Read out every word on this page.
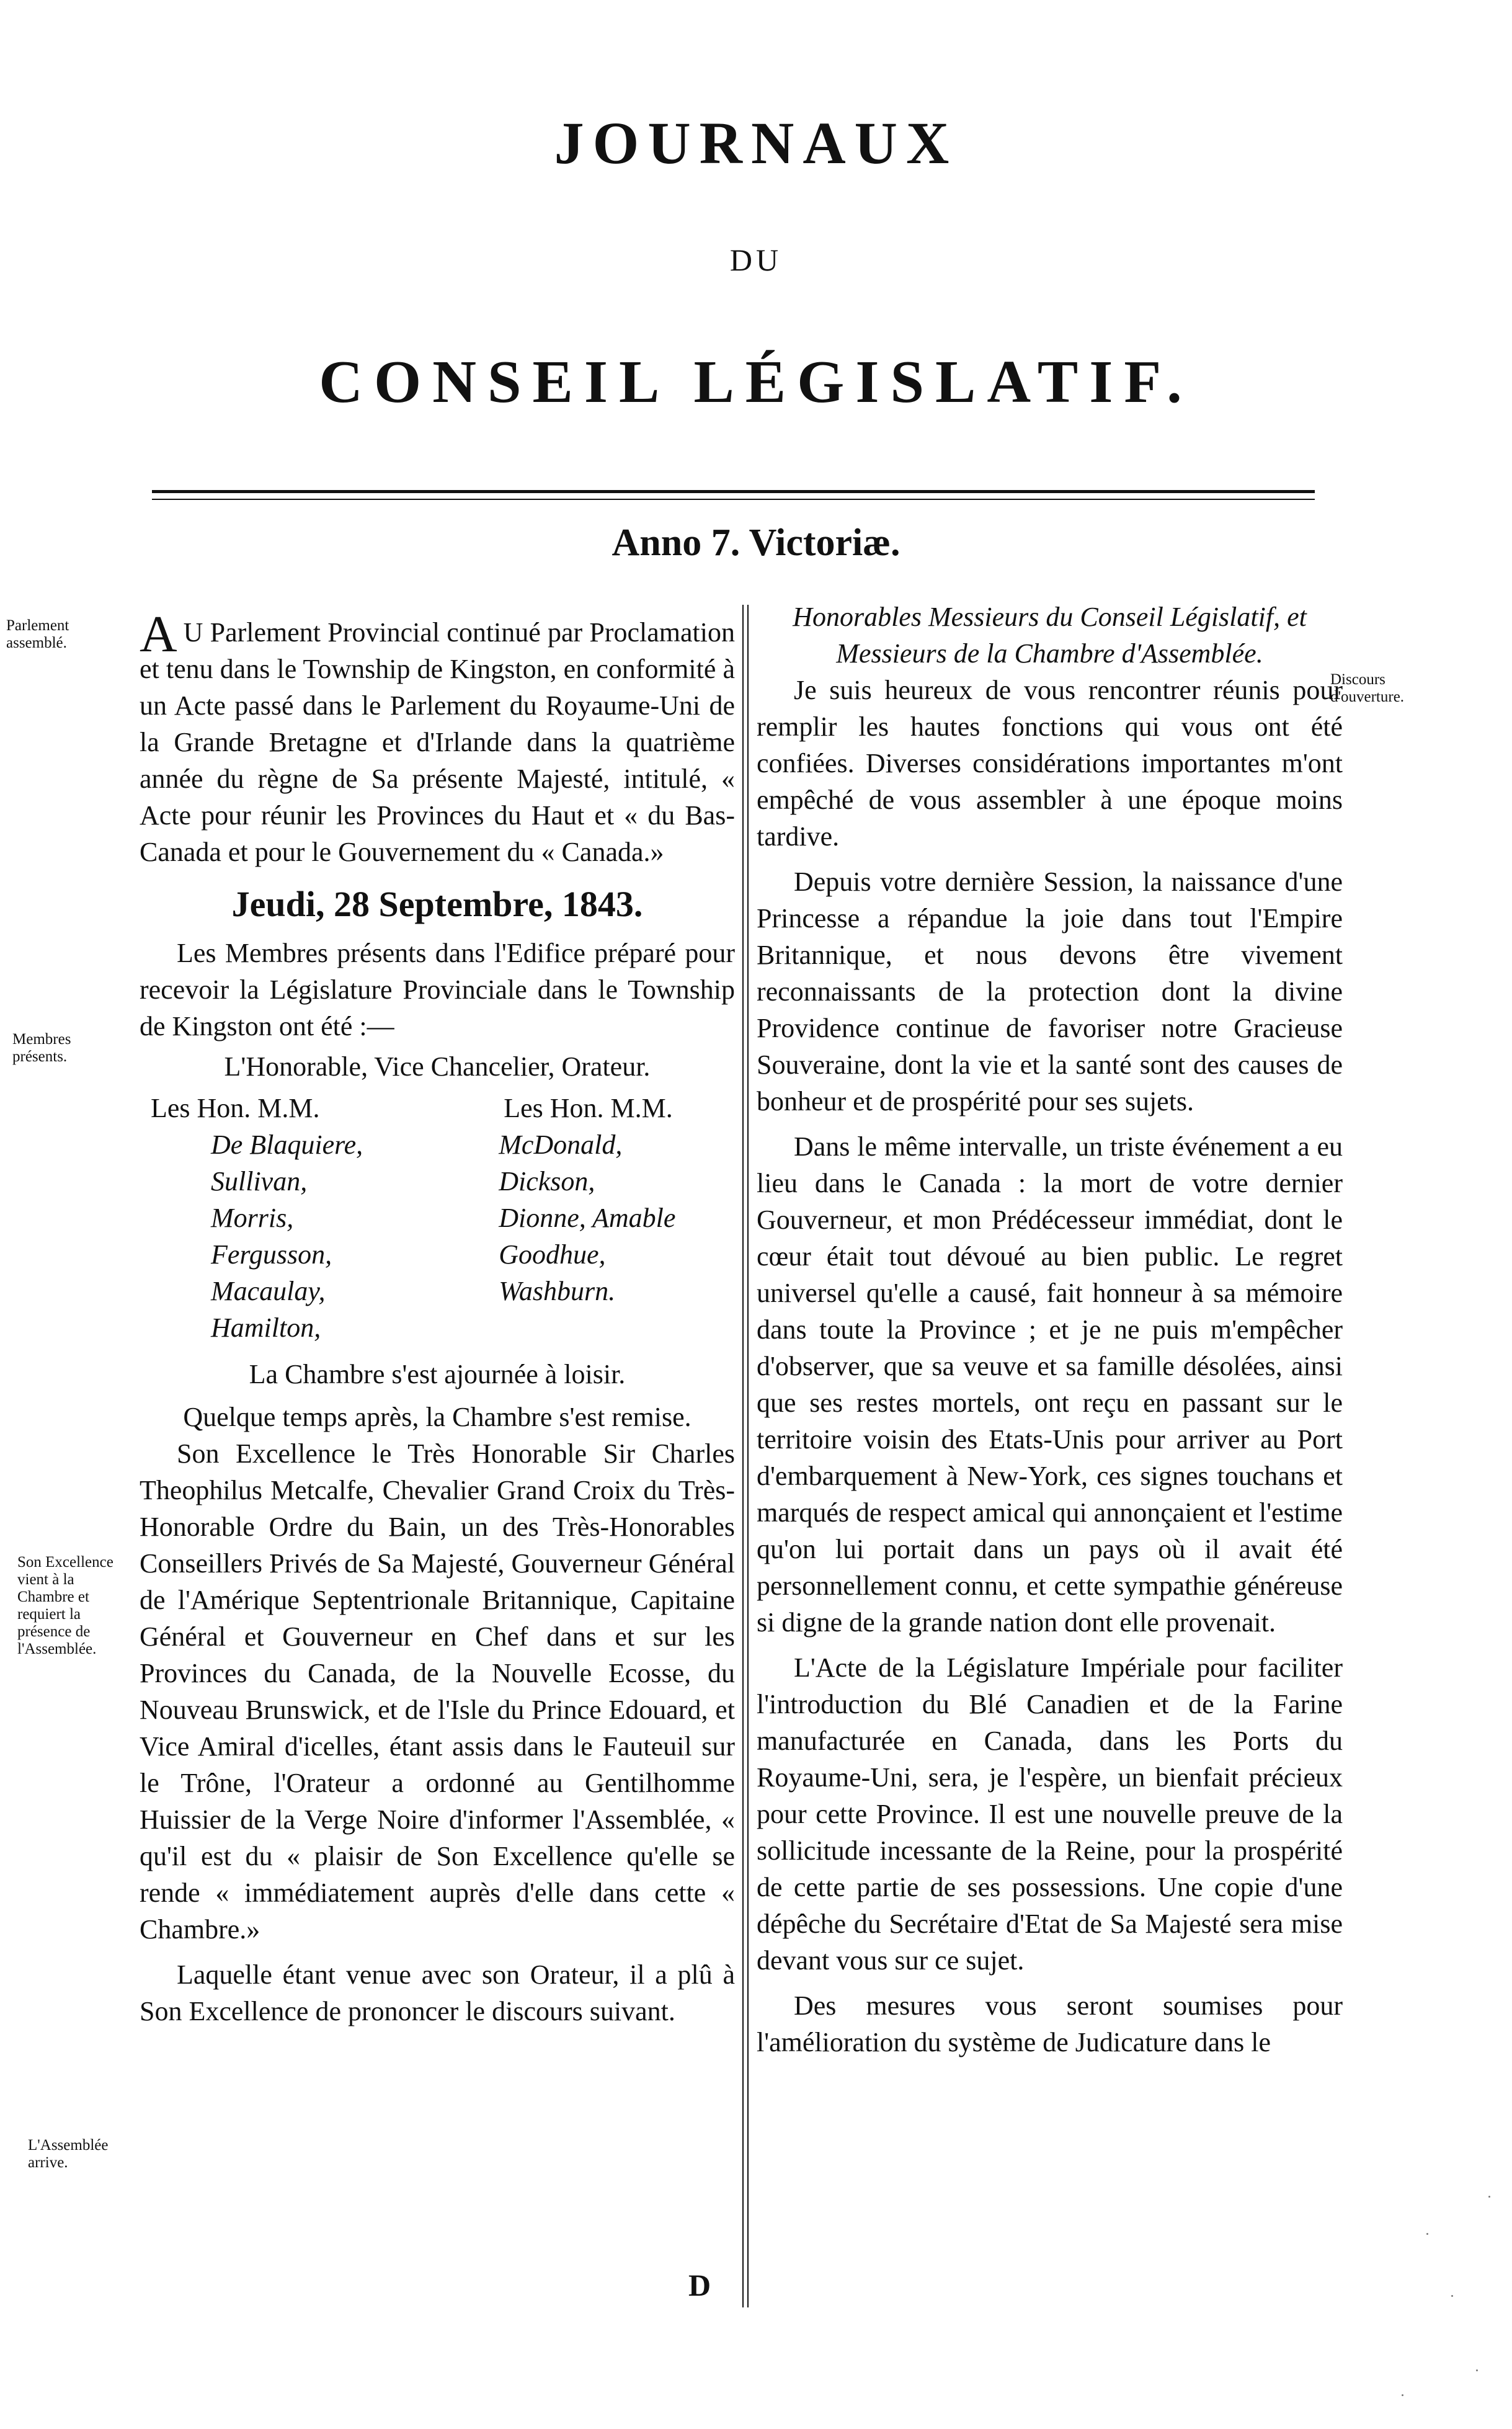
JOURNAUX
DU
CONSEIL LÉGISLATIF.
Anno 7. Victoriæ.
Parlement assemblé.
Membres présents.
Son Excellence vient à la Chambre et requiert la présence de l'Assemblée.
L'Assemblée arrive.
Discours d'ouverture.

A U Parlement Provincial continué par Proclamation et tenu dans le Township de Kingston, en conformité à un Acte passé dans le Parlement du Royaume-Uni de la Grande Bretagne et d'Irlande dans la quatrième année du règne de Sa présente Majesté, intitulé, « Acte pour réunir les Provinces du Haut et « du Bas-Canada et pour le Gouvernement du « Canada.»

Jeudi, 28 Septembre, 1843.

Les Membres présents dans l'Edifice préparé pour recevoir la Législature Provinciale dans le Township de Kingston ont été :—

L'Honorable, Vice Chancelier, Orateur.

Les Hon. M.M.
De Blaquiere,
Sullivan,
Morris,
Fergusson,
Macaulay,
Hamilton,
Les Hon. M.M.
McDonald,
Dickson,
Dionne, Amable
Goodhue,
Washburn.

La Chambre s'est ajournée à loisir.

Quelque temps après, la Chambre s'est remise.

Son Excellence le Très Honorable Sir Charles Theophilus Metcalfe, Chevalier Grand Croix du Très-Honorable Ordre du Bain, un des Très-Honorables Conseillers Privés de Sa Majesté, Gouverneur Général de l'Amérique Septentrionale Britannique, Capitaine Général et Gouverneur en Chef dans et sur les Provinces du Canada, de la Nouvelle Ecosse, du Nouveau Brunswick, et de l'Isle du Prince Edouard, et Vice Amiral d'icelles, étant assis dans le Fauteuil sur le Trône, l'Orateur a ordonné au Gentilhomme Huissier de la Verge Noire d'informer l'Assemblée, « qu'il est du « plaisir de Son Excellence qu'elle se rende « immédiatement auprès d'elle dans cette « Chambre.»

Laquelle étant venue avec son Orateur, il a plû à Son Excellence de prononcer le discours suivant.

Honorables Messieurs du Conseil Législatif, et Messieurs de la Chambre d'Assemblée.

Je suis heureux de vous rencontrer réunis pour remplir les hautes fonctions qui vous ont été confiées. Diverses considérations importantes m'ont empêché de vous assembler à une époque moins tardive.

Depuis votre dernière Session, la naissance d'une Princesse a répandue la joie dans tout l'Empire Britannique, et nous devons être vivement reconnaissants de la protection dont la divine Providence continue de favoriser notre Gracieuse Souveraine, dont la vie et la santé sont des causes de bonheur et de prospérité pour ses sujets.

Dans le même intervalle, un triste événement a eu lieu dans le Canada : la mort de votre dernier Gouverneur, et mon Prédécesseur immédiat, dont le cœur était tout dévoué au bien public. Le regret universel qu'elle a causé, fait honneur à sa mémoire dans toute la Province ; et je ne puis m'empêcher d'observer, que sa veuve et sa famille désolées, ainsi que ses restes mortels, ont reçu en passant sur le territoire voisin des Etats-Unis pour arriver au Port d'embarquement à New-York, ces signes touchans et marqués de respect amical qui annonçaient et l'estime qu'on lui portait dans un pays où il avait été personnellement connu, et cette sympathie généreuse si digne de la grande nation dont elle provenait.

L'Acte de la Législature Impériale pour faciliter l'introduction du Blé Canadien et de la Farine manufacturée en Canada, dans les Ports du Royaume-Uni, sera, je l'espère, un bienfait précieux pour cette Province. Il est une nouvelle preuve de la sollicitude incessante de la Reine, pour la prospérité de cette partie de ses possessions. Une copie d'une dépêche du Secrétaire d'Etat de Sa Majesté sera mise devant vous sur ce sujet.

Des mesures vous seront soumises pour l'amélioration du système de Judicature dans le

D
